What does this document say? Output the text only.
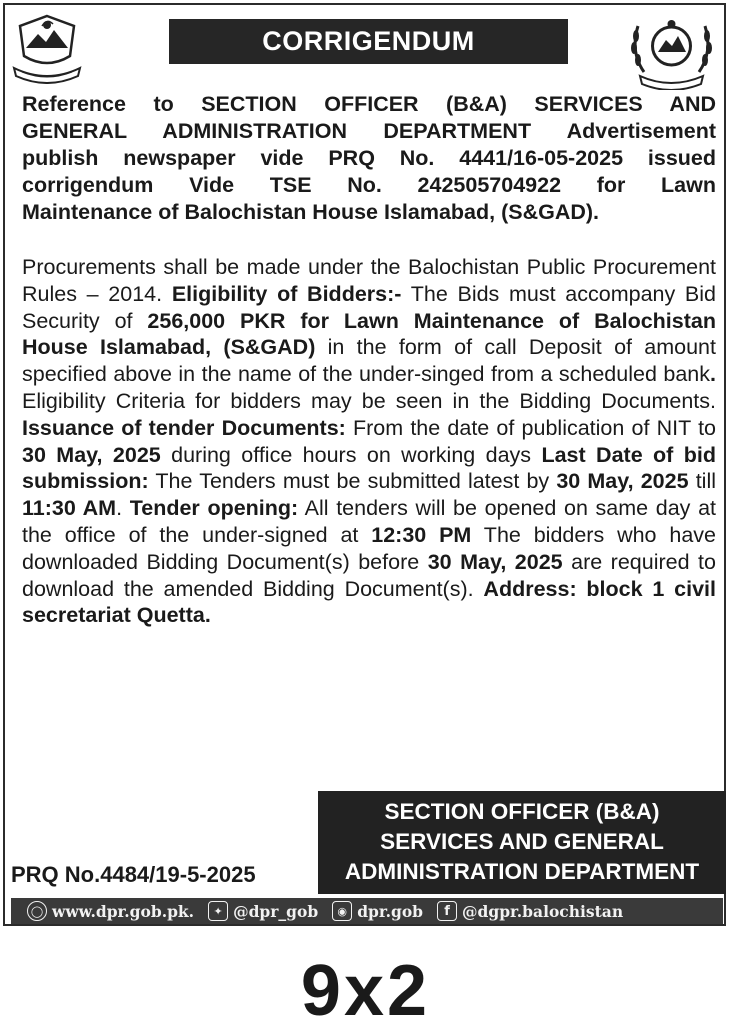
CORRIGENDUM
Reference to SECTION OFFICER (B&A) SERVICES AND
GENERAL ADMINISTRATION DEPARTMENT Advertisement
publish newspaper vide PRQ No. 4441/16-05-2025 issued
corrigendum Vide TSE No. 242505704922 for Lawn
Maintenance of Balochistan House Islamabad, (S&GAD).

Procurements shall be made under the Balochistan Public Procurement Rules – 2014. Eligibility of Bidders:- The Bids must accompany Bid Security of 256,000 PKR for Lawn Maintenance of Balochistan House Islamabad, (S&GAD) in the form of call Deposit of amount specified above in the name of the under-singed from a scheduled bank. Eligibility Criteria for bidders may be seen in the Bidding Documents. Issuance of tender Documents: From the date of publication of NIT to 30 May, 2025 during office hours on working days Last Date of bid submission: The Tenders must be submitted latest by 30 May, 2025 till 11:30 AM. Tender opening: All tenders will be opened on same day at the office of the under-signed at 12:30 PM The bidders who have downloaded Bidding Document(s) before 30 May, 2025 are required to download the amended Bidding Document(s). Address: block 1 civil secretariat Quetta.

SECTION OFFICER (B&A)
SERVICES AND GENERAL
ADMINISTRATION DEPARTMENT
PRQ No.4484/19-5-2025
◯ www.dpr.gob.pk.	✦ @dpr_gob	◉ dpr.gob	f @dgpr.balochistan
9x2
